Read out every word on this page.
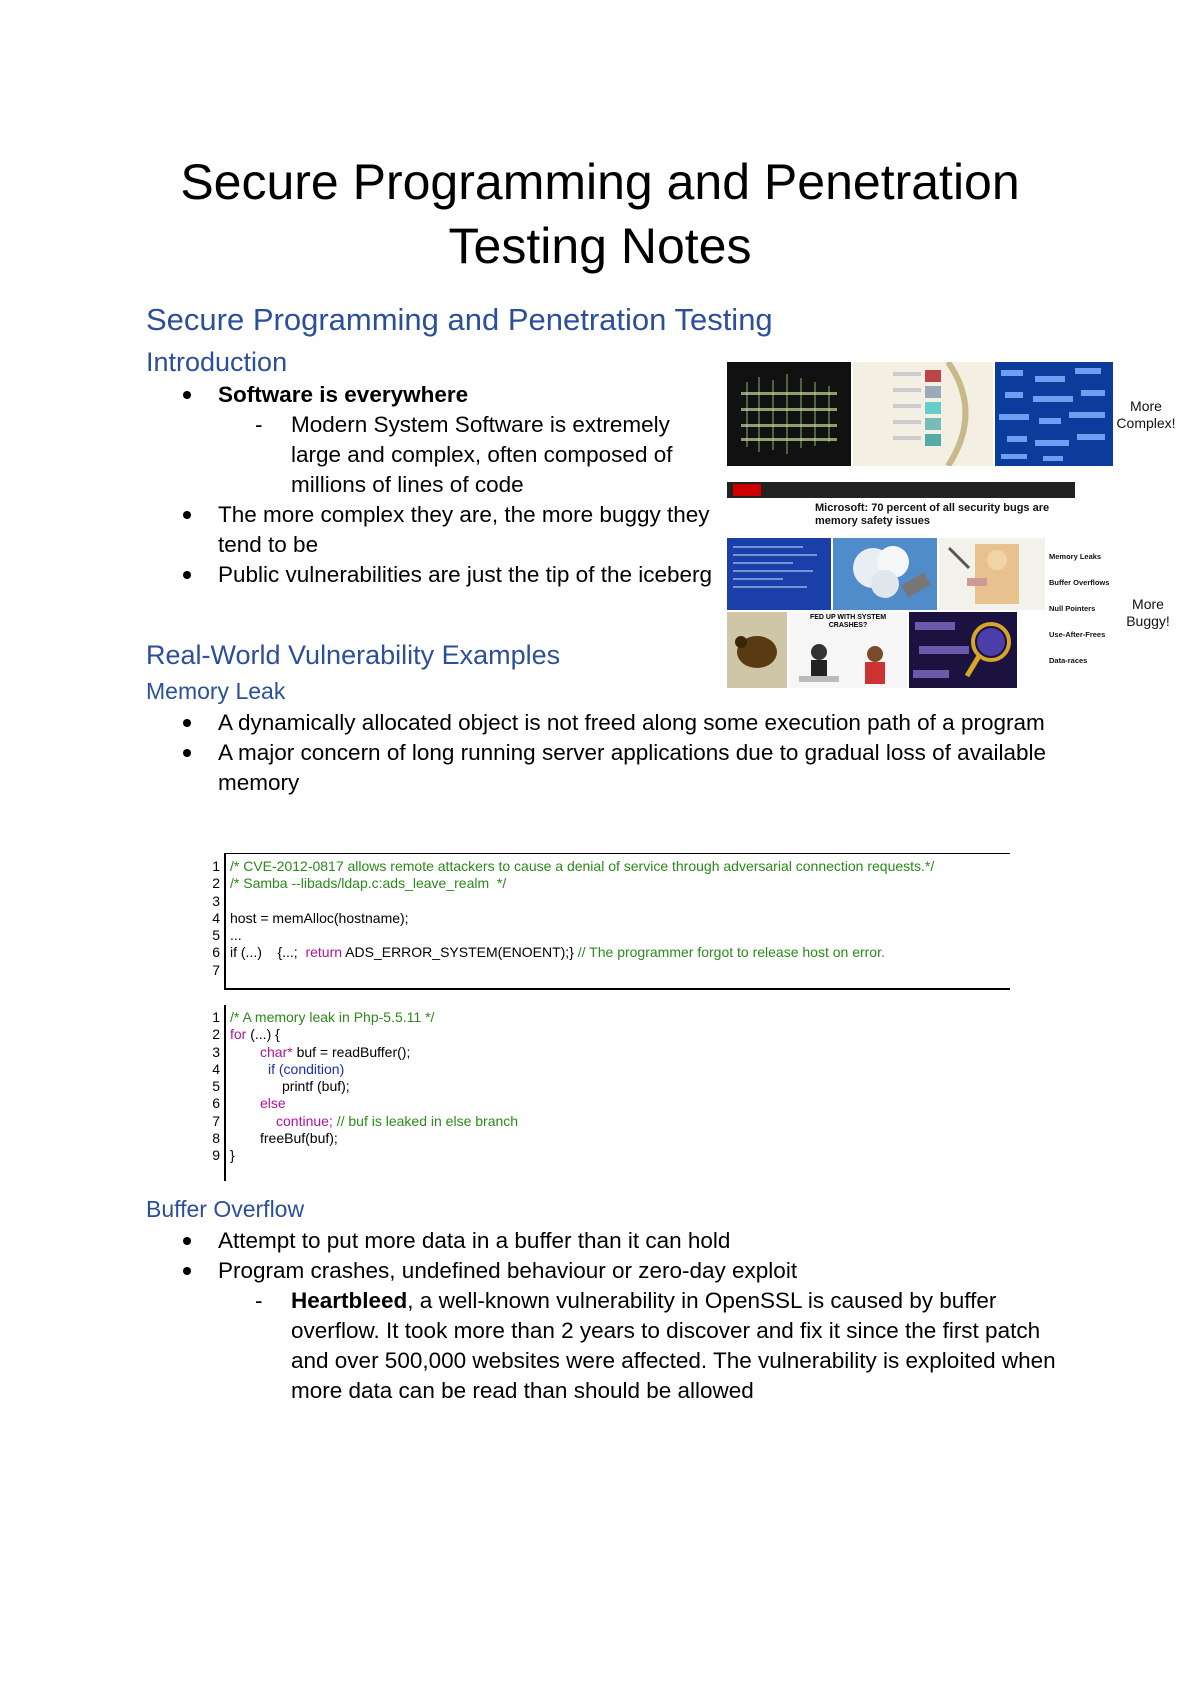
Secure Programming and Penetration Testing Notes
Secure Programming and Penetration Testing
Introduction
Software is everywhere
- Modern System Software is extremely large and complex, often composed of millions of lines of code
The more complex they are, the more buggy they tend to be
Public vulnerabilities are just the tip of the iceberg
More Complex!
Microsoft: 70 percent of all security bugs are memory safety issues
FED UP WITH SYSTEM CRASHES?
Memory Leaks
Buffer Overflows
Null Pointers
Use-After-Frees
Data-races
More Buggy!
Real-World Vulnerability Examples
Memory Leak
A dynamically allocated object is not freed along some execution path of a program
A major concern of long running server applications due to gradual loss of available memory
1
2
3
4
5
6
7
/* CVE-2012-0817 allows remote attackers to cause a denial of service through adversarial connection requests.*/
/* Samba --libads/ldap.c:ads_leave_realm  */

host = memAlloc(hostname);
...
if (...)    {...;  return ADS_ERROR_SYSTEM(ENOENT);} // The programmer forgot to release host on error.

1
2
3
4
5
6
7
8
9
/* A memory leak in Php-5.5.11 */
for (...) {
char* buf = readBuffer();
if (condition)
printf (buf);
else
continue; // buf is leaked in else branch
freeBuf(buf);
}
Buffer Overflow
Attempt to put more data in a buffer than it can hold
Program crashes, undefined behaviour or zero-day exploit
- Heartbleed, a well-known vulnerability in OpenSSL is caused by buffer overflow. It took more than 2 years to discover and fix it since the first patch and over 500,000 websites were affected. The vulnerability is exploited when more data can be read than should be allowed
